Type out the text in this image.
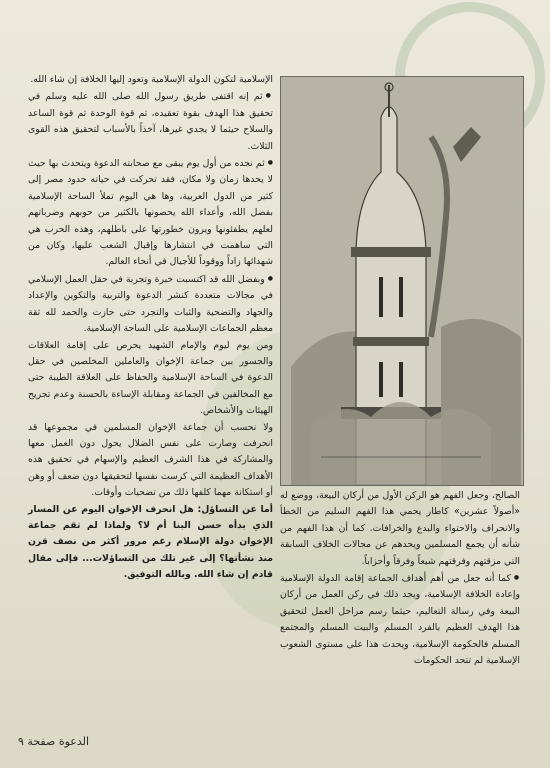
الإسلامية لتكون الدولة الإسلامية وتعود إليها الخلافة إن شاء الله.

● ثم إنه اقتفى طريق رسول الله صلى الله عليه وسلم في تحقيق هذا الهدف بقوة تعقيده، ثم قوة الوحدة ثم قوة الساعد والسلاح حيثما لا يجدي غيرها، آخذاً بالأسباب لتحقيق هذه القوى الثلاث.

● ثم نجده من أول يوم يبقى مع صحابته الدعوة ويتحدث بها حيث لا يحدها زمان ولا مكان، فقد تحركت في حياته حدود مصر إلى كثير من الدول العربية، وها هي اليوم تملأ الساحة الإسلامية بفضل الله، وأعداء الله يحصونها بالكثير من حوبهم وضرباتهم لعلهم يطفئونها ويرون خطورتها على باطلهم، وهذه الحرب هي التي ساهمت في انتشارها وإقبال الشعب عليها، وكان من شهدائها زاداً ووقوداً للأجيال في أنحاء العالم.

● وبفضل الله قد اكتسبت خبرة وتجربة في حقل العمل الإسلامي في مجالات متعددة كنشر الدعوة والتربية والتكوين والإعداد والجهاد والتضحية والثبات والتجرد حتى حازت والحمد لله ثقة معظم الجماعات الإسلامية على الساحة الإسلامية.

ومن يوم ليوم والإمام الشهيد يحرص على إقامة العلاقات والجسور بين جماعة الإخوان والعاملين المخلصين في حقل الدعوة في الساحة الإسلامية والحفاظ على العلاقة الطيبة حتى مع المخالفين في الجماعة ومقابلة الإساءة بالحسنة وعدم تجريح الهيئات والأشخاص.

ولا نحسب أن جماعة الإخوان المسلمين في مجموعها قد انحرفت وصارت على نفس الضلال يحول دون العمل معها والمشاركة في هذا الشرف العظيم والإسهام في تحقيق هذه الأهداف العظيمة التي كرست نفسها لتحقيقها دون ضعف أو وهن أو استكانة مهما كلفها ذلك من تضحيات وأوقات.

أما عن التساؤل: هل انحرف الإخوان اليوم عن المسار الذي بدأه حسن البنا أم لا؟ ولماذا لم تقم جماعة الإخوان دولة الإسلام رغم مرور أكثر من نصف قرن منذ نشأتها؟ إلى غير تلك من التساؤلات... فإلى مقال قادم إن شاء الله. وبالله التوفيق.

الصالح، وجعل الفهم هو الركن الأول من أركان البيعة، ووضع له «أصولاً عشرين» كاطار يحمي هذا الفهم السليم من الخطأ والانحراف والاحتواء والبدع والخرافات. كما أن هذا الفهم من شأنه أن يجمع المسلمين ويحدهم عن مجالات الخلاف السابقة التي مزقتهم وفرقتهم شيعاً وفرقاً وأحزاباً.

● كما أنه جعل من أهم أهداف الجماعة إقامة الدولة الإسلامية وإعادة الخلافة الإسلامية، ويجد ذلك في ركن العمل من أركان البيعة وفي رسالة التعاليم، حيثما رسم مراحل العمل لتحقيق هذا الهدف العظيم بالفرد المسلم والبيت المسلم والمجتمع المسلم فالحكومة الإسلامية، ويحدث هذا على مستوى الشعوب الإسلامية لم تتحد الحكومات

الدعوة صفحة ٩
